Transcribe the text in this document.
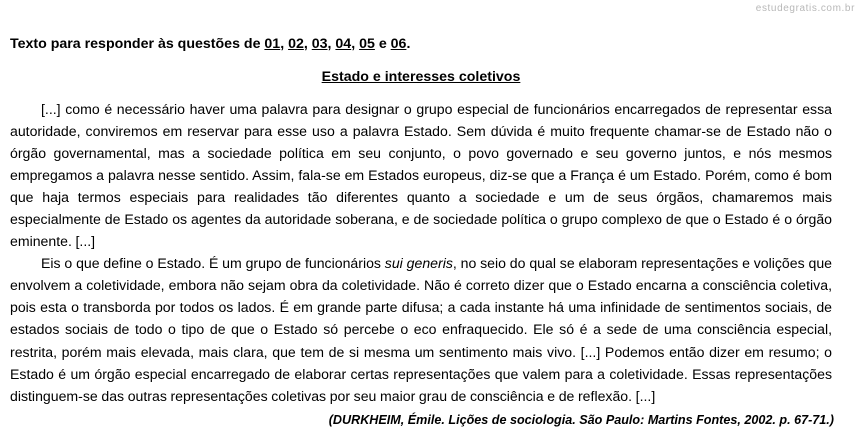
estudegratis.com.br
Texto para responder às questões de 01, 02, 03, 04, 05 e 06.
Estado e interesses coletivos

[...] como é necessário haver uma palavra para designar o grupo especial de funcionários encarregados de representar essa autoridade, conviremos em reservar para esse uso a palavra Estado. Sem dúvida é muito frequente chamar-se de Estado não o órgão governamental, mas a sociedade política em seu conjunto, o povo governado e seu governo juntos, e nós mesmos empregamos a palavra nesse sentido. Assim, fala-se em Estados europeus, diz-se que a França é um Estado. Porém, como é bom que haja termos especiais para realidades tão diferentes quanto a sociedade e um de seus órgãos, chamaremos mais especialmente de Estado os agentes da autoridade soberana, e de sociedade política o grupo complexo de que o Estado é o órgão eminente. [...]

Eis o que define o Estado. É um grupo de funcionários sui generis, no seio do qual se elaboram representações e volições que envolvem a coletividade, embora não sejam obra da coletividade. Não é correto dizer que o Estado encarna a consciência coletiva, pois esta o transborda por todos os lados. É em grande parte difusa; a cada instante há uma infinidade de sentimentos sociais, de estados sociais de todo o tipo de que o Estado só percebe o eco enfraquecido. Ele só é a sede de uma consciência especial, restrita, porém mais elevada, mais clara, que tem de si mesma um sentimento mais vivo. [...] Podemos então dizer em resumo; o Estado é um órgão especial encarregado de elaborar certas representações que valem para a coletividade. Essas representações distinguem-se das outras representações coletivas por seu maior grau de consciência e de reflexão. [...]

(DURKHEIM, Émile. Lições de sociologia. São Paulo: Martins Fontes, 2002. p. 67-71.)
